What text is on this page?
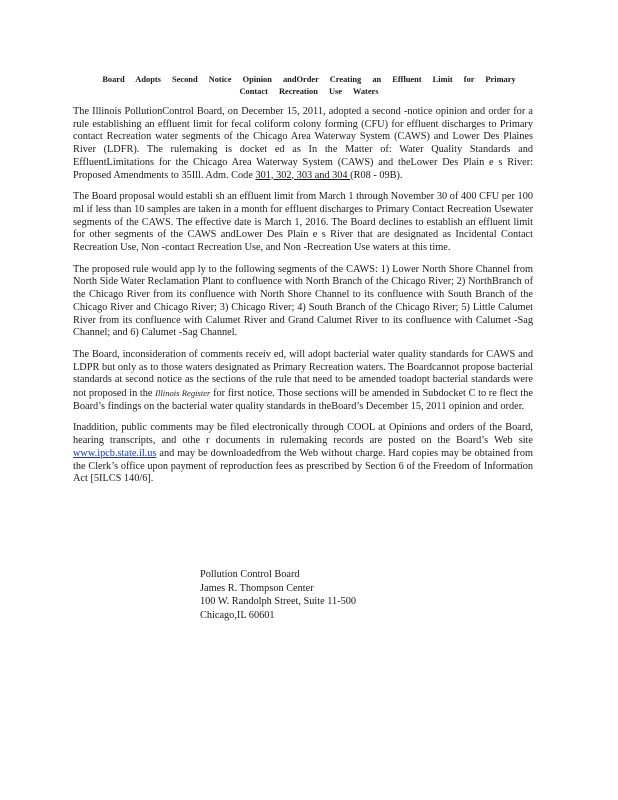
Board Adopts Second Notice Opinion andOrder Creating an Effluent Limit for Primary
Contact Recreation Use Waters

The Illinois PollutionControl Board, on December 15, 2011, adopted a second -notice opinion and order for a rule establishing an effluent limit for fecal coliform colony forming (CFU) for effluent discharges to Primary contact Recreation water segments of the Chicago Area Waterway System (CAWS) and Lower Des Plaines River (LDFR). The rulemaking is docket ed as In the Matter of: Water Quality Standards and EffluentLimitations for the Chicago Area Waterway System (CAWS) and theLower Des Plain e s River: Proposed Amendments to 35Ill. Adm. Code 301, 302, 303 and 304 (R08 - 09B).

The Board proposal would establi sh an effluent limit from March 1 through November 30 of 400 CFU per 100 ml if less than 10 samples are taken in a month for effluent discharges to Primary Contact Recreation Usewater segments of the CAWS. The effective date is March 1, 2016. The Board declines to establish an effluent limit for other segments of the CAWS andLower Des Plain e s River that are designated as Incidental Contact Recreation Use, Non -contact Recreation Use, and Non -Recreation Use waters at this time.

The proposed rule would app ly to the following segments of the CAWS: 1) Lower North Shore Channel from North Side Water Reclamation Plant to confluence with North Branch of the Chicago River; 2) NorthBranch of the Chicago River from its confluence with North Shore Channel to its confluence with South Branch of the Chicago River and Chicago River; 3) Chicago River; 4) South Branch of the Chicago River; 5) Little Calumet River from its confluence with Calumet River and Grand Calumet River to its confluence with Calumet -Sag Channel; and 6) Calumet -Sag Channel.

The Board, inconsideration of comments receiv ed, will adopt bacterial water quality standards for CAWS and LDPR but only as to those waters designated as Primary Recreation waters. The Boardcannot propose bacterial standards at second notice as the sections of the rule that need to be amended toadopt bacterial standards were not proposed in the Illinois Register for first notice. Those sections will be amended in Subdocket C to re flect the Board’s findings on the bacterial water quality standards in theBoard’s December 15, 2011 opinion and order.

Inaddition, public comments may be filed electronically through COOL at Opinions and orders of the Board, hearing transcripts, and othe r documents in rulemaking records are posted on the Board’s Web site www.ipcb.state.il.us and may be downloadedfrom the Web without charge. Hard copies may be obtained from the Clerk’s office upon payment of reproduction fees as prescribed by Section 6 of the Freedom of Information Act [5ILCS 140/6].

Pollution Control Board
James R. Thompson Center
100 W. Randolph Street, Suite 11-500
Chicago,IL 60601
